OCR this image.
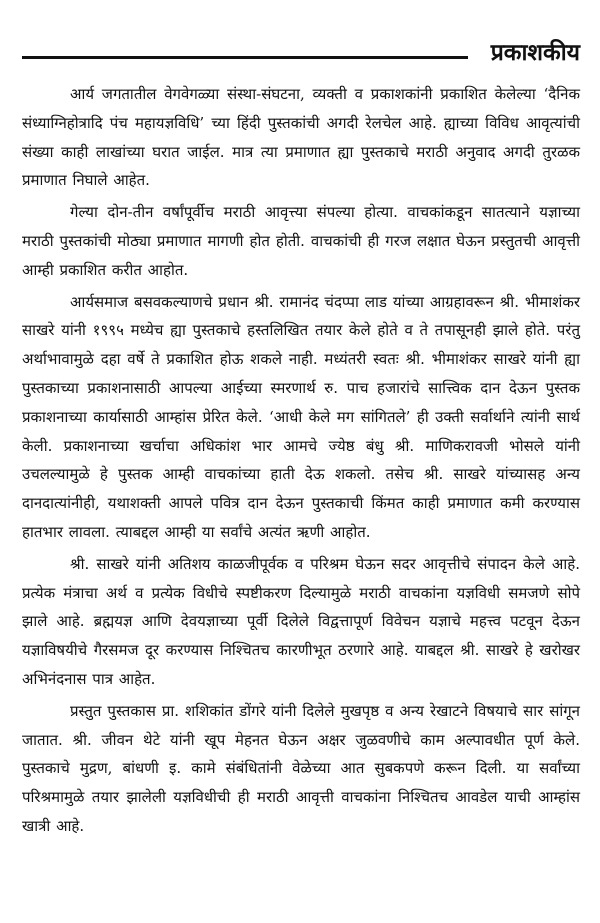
प्रकाशकीय

आर्य जगतातील वेगवेगळ्या संस्था-संघटना, व्यक्ती व प्रकाशकांनी प्रकाशित केलेल्या ‘दैनिक संध्याग्निहोत्रादि पंच महायज्ञविधि’ च्या हिंदी पुस्तकांची अगदी रेलचेल आहे. ह्याच्या विविध आवृत्यांची संख्या काही लाखांच्या घरात जाईल. मात्र त्या प्रमाणात ह्या पुस्तकाचे मराठी अनुवाद अगदी तुरळक प्रमाणात निघाले आहेत.

गेल्या दोन-तीन वर्षांपूर्वीच मराठी आवृत्त्या संपल्या होत्या. वाचकांकडून सातत्याने यज्ञाच्या मराठी पुस्तकांची मोठ्या प्रमाणात मागणी होत होती. वाचकांची ही गरज लक्षात घेऊन प्रस्तुतची आवृत्ती आम्ही प्रकाशित करीत आहोत.

आर्यसमाज बसवकल्याणचे प्रधान श्री. रामानंद चंदप्पा लाड यांच्या आग्रहावरून श्री. भीमाशंकर साखरे यांनी १९९५ मध्येच ह्या पुस्तकाचे हस्तलिखित तयार केले होते व ते तपासूनही झाले होते. परंतु अर्थाभावामुळे दहा वर्षे ते प्रकाशित होऊ शकले नाही. मध्यंतरी स्वतः श्री. भीमाशंकर साखरे यांनी ह्या पुस्तकाच्या प्रकाशनासाठी आपल्या आईच्या स्मरणार्थ रु. पाच हजारांचे सात्त्विक दान देऊन पुस्तक प्रकाशनाच्या कार्यासाठी आम्हांस प्रेरित केले. ‘आधी केले मग सांगितले’ ही उक्ती सर्वार्थाने त्यांनी सार्थ केली. प्रकाशनाच्या खर्चाचा अधिकांश भार आमचे ज्येष्ठ बंधु श्री. माणिकरावजी भोसले यांनी उचलल्यामुळे हे पुस्तक आम्ही वाचकांच्या हाती देऊ शकलो. तसेच श्री. साखरे यांच्यासह अन्य दानदात्यांनीही, यथाशक्ती आपले पवित्र दान देऊन पुस्तकाची किंमत काही प्रमाणात कमी करण्यास हातभार लावला. त्याबद्दल आम्ही या सर्वांचे अत्यंत ऋणी आहोत.

श्री. साखरे यांनी अतिशय काळजीपूर्वक व परिश्रम घेऊन सदर आवृत्तीचे संपादन केले आहे. प्रत्येक मंत्राचा अर्थ व प्रत्येक विधीचे स्पष्टीकरण दिल्यामुळे मराठी वाचकांना यज्ञविधी समजणे सोपे झाले आहे. ब्रह्मयज्ञ आणि देवयज्ञाच्या पूर्वी दिलेले विद्वत्तापूर्ण विवेचन यज्ञाचे महत्त्व पटवून देऊन यज्ञाविषयीचे गैरसमज दूर करण्यास निश्चितच कारणीभूत ठरणारे आहे. याबद्दल श्री. साखरे हे खरोखर अभिनंदनास पात्र आहेत.

प्रस्तुत पुस्तकास प्रा. शशिकांत डोंगरे यांनी दिलेले मुखपृष्ठ व अन्य रेखाटने विषयाचे सार सांगून जातात. श्री. जीवन थेटे यांनी खूप मेहनत घेऊन अक्षर जुळवणीचे काम अल्पावधीत पूर्ण केले. पुस्तकाचे मुद्रण, बांधणी इ. कामे संबंधितांनी वेळेच्या आत सुबकपणे करून दिली. या सर्वांच्या परिश्रमामुळे तयार झालेली यज्ञविधीची ही मराठी आवृत्ती वाचकांना निश्चितच आवडेल याची आम्हांस खात्री आहे.
